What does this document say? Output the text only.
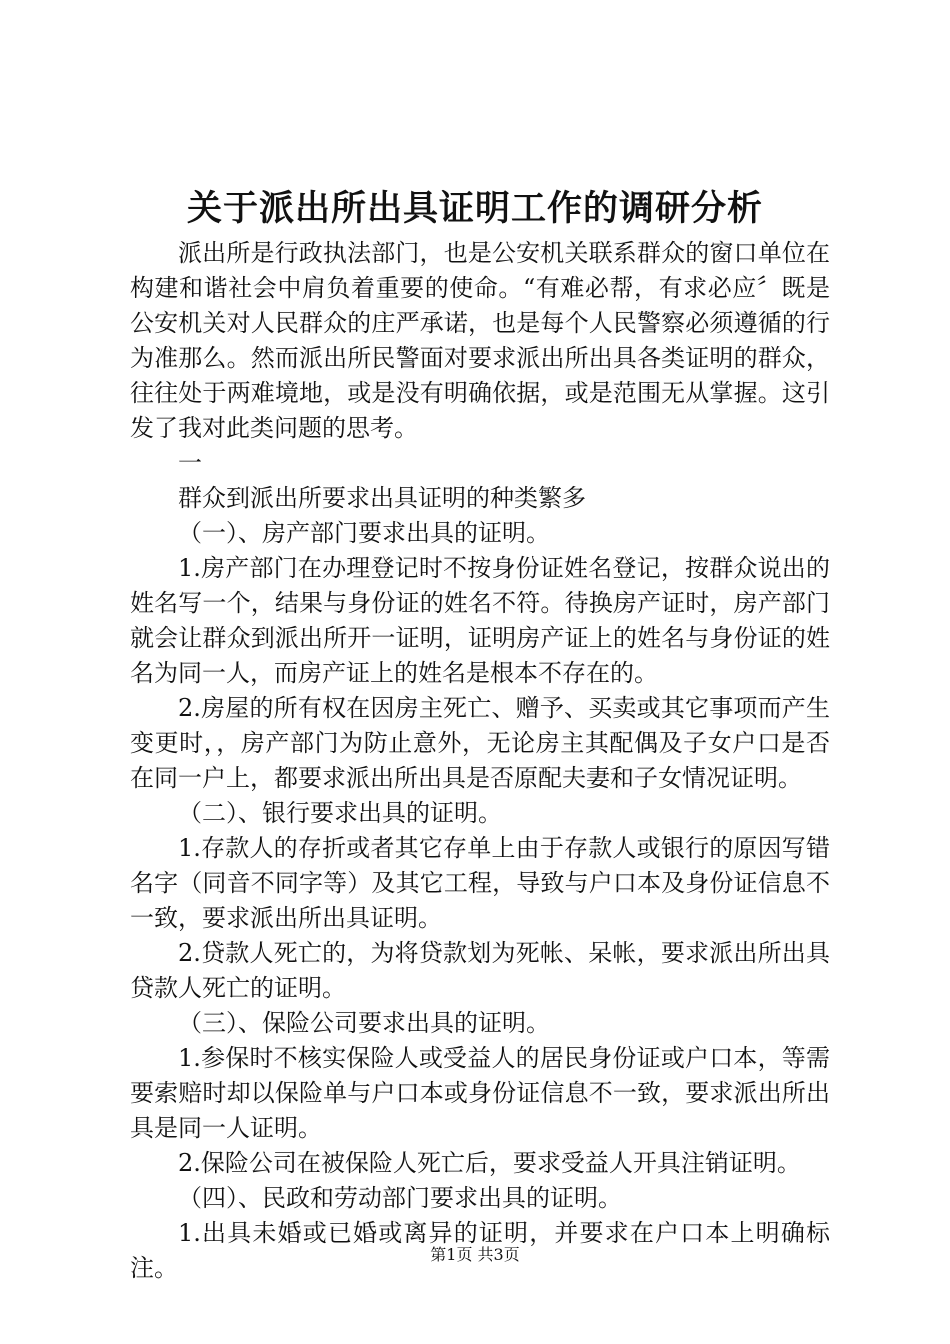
关于派出所出具证明工作的调研分析

派出所是行政执法部门，也是公安机关联系群众的窗口单位在构建和谐社会中肩负着重要的使命。“有难必帮，有求必应〞既是公安机关对人民群众的庄严承诺，也是每个人民警察必须遵循的行为准那么。然而派出所民警面对要求派出所出具各类证明的群众，往往处于两难境地，或是没有明确依据，或是范围无从掌握。这引发了我对此类问题的思考。

一

群众到派出所要求出具证明的种类繁多

（一）、房产部门要求出具的证明。

1.房产部门在办理登记时不按身份证姓名登记，按群众说出的姓名写一个，结果与身份证的姓名不符。待换房产证时，房产部门就会让群众到派出所开一证明，证明房产证上的姓名与身份证的姓名为同一人，而房产证上的姓名是根本不存在的。

2.房屋的所有权在因房主死亡、赠予、买卖或其它事项而产生变更时，，房产部门为防止意外，无论房主其配偶及子女户口是否在同一户上，都要求派出所出具是否原配夫妻和子女情况证明。

（二）、银行要求出具的证明。

1.存款人的存折或者其它存单上由于存款人或银行的原因写错名字（同音不同字等）及其它工程，导致与户口本及身份证信息不一致，要求派出所出具证明。

2.贷款人死亡的，为将贷款划为死帐、呆帐，要求派出所出具贷款人死亡的证明。

（三）、保险公司要求出具的证明。

1.参保时不核实保险人或受益人的居民身份证或户口本，等需要索赔时却以保险单与户口本或身份证信息不一致，要求派出所出具是同一人证明。

2.保险公司在被保险人死亡后，要求受益人开具注销证明。

（四）、民政和劳动部门要求出具的证明。

1.出具未婚或已婚或离异的证明，并要求在户口本上明确标注。	第1页 共3页
